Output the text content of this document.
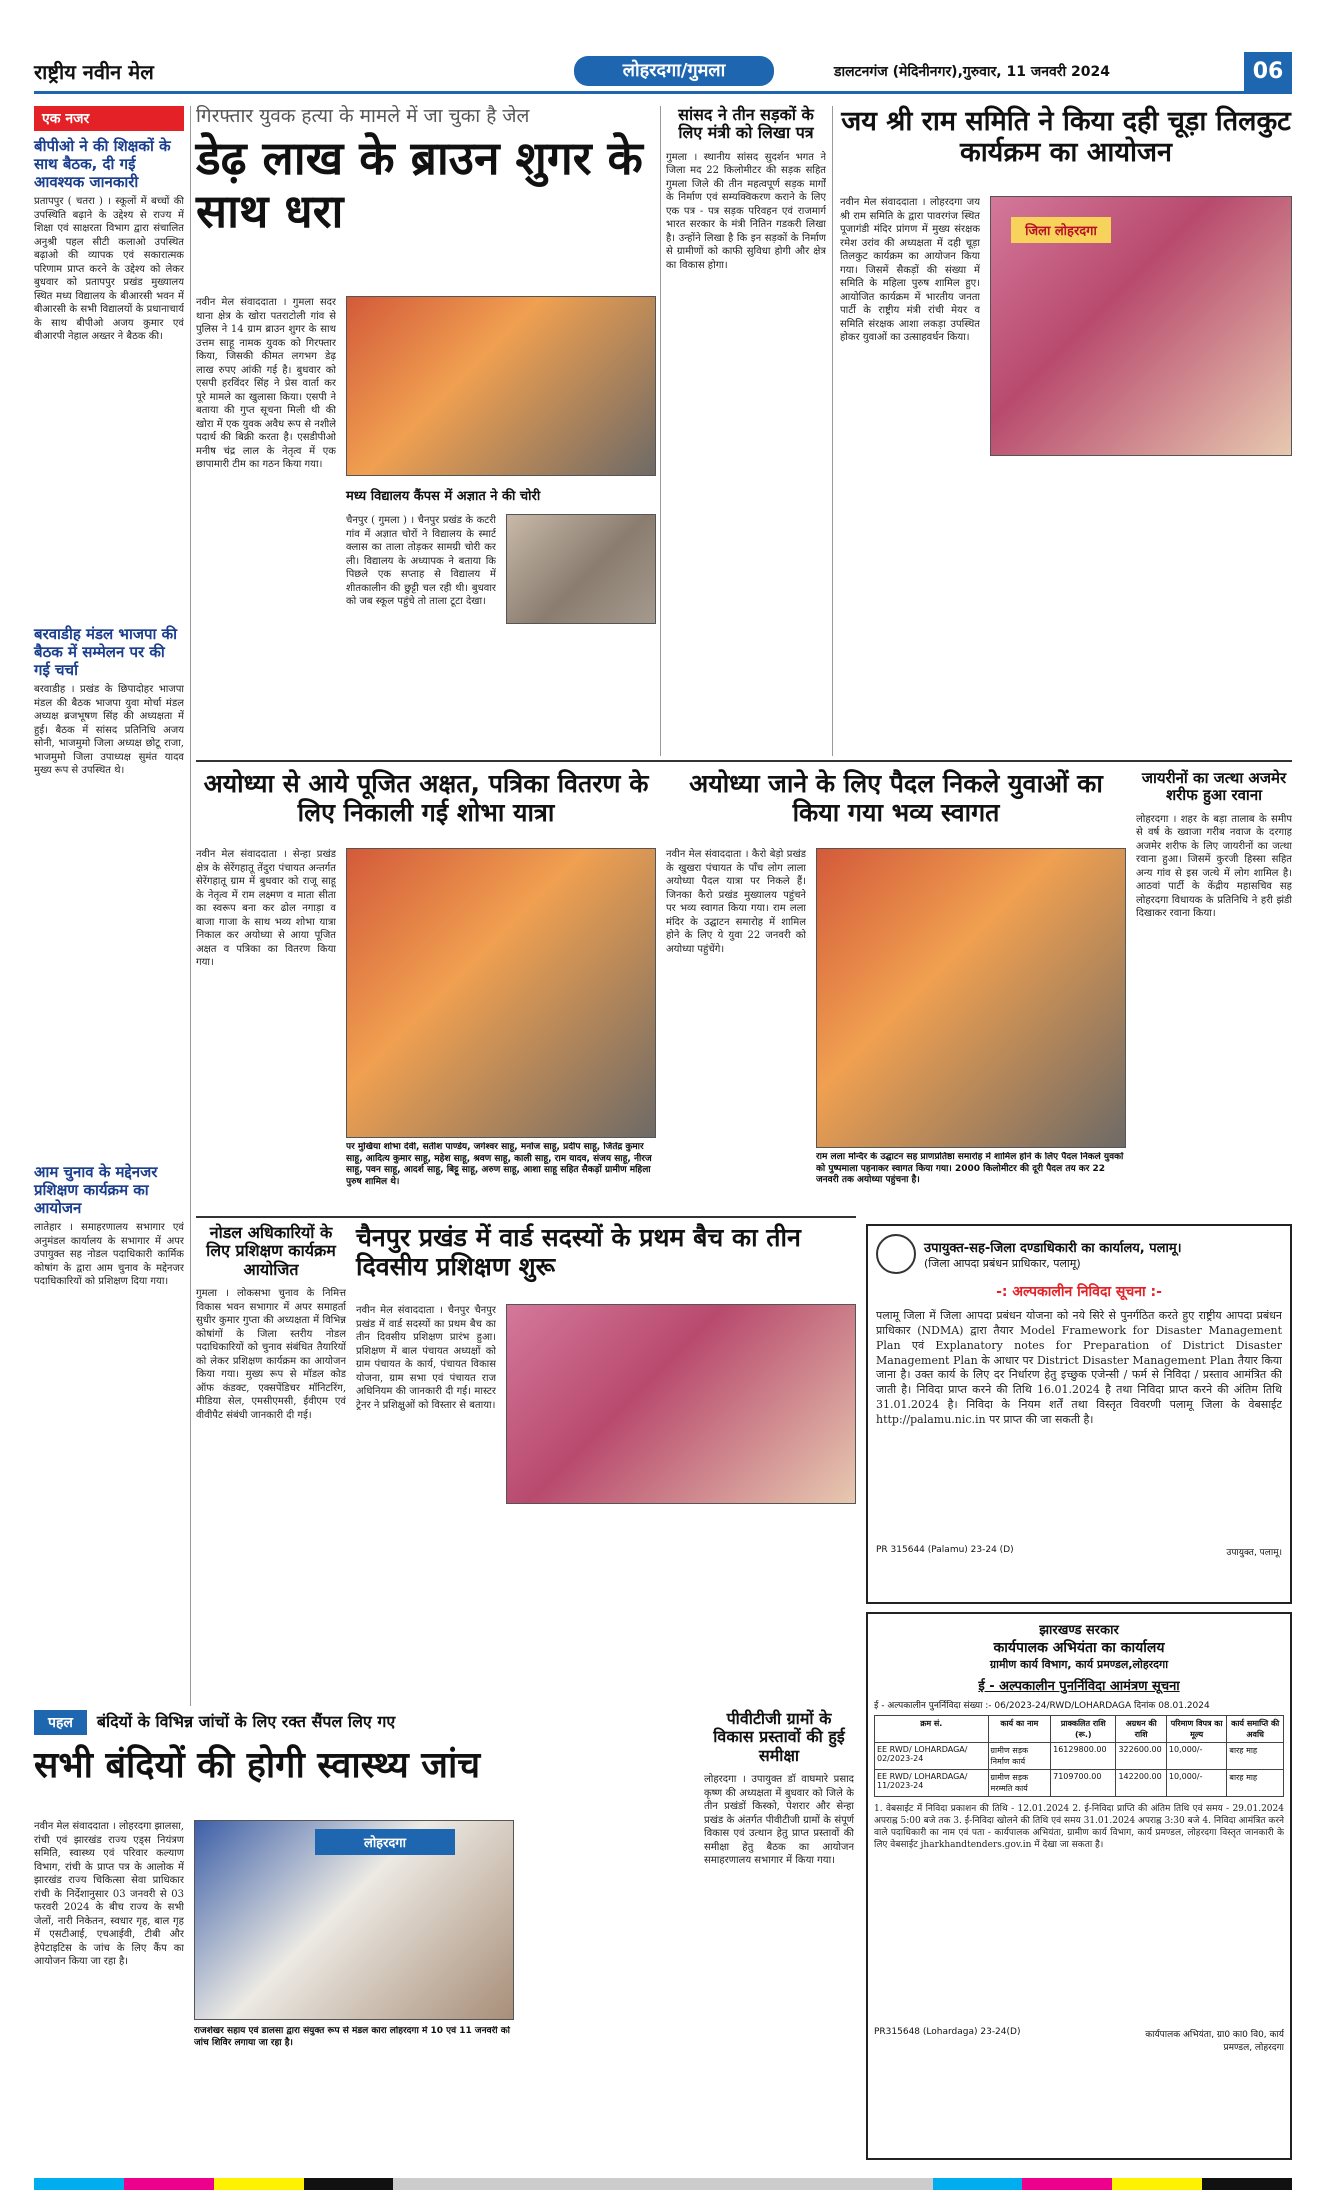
राष्ट्रीय नवीन मेल	लोहरदगा/गुमला	डालटनगंज (मेदिनीनगर),गुरुवार, 11 जनवरी 2024	06
एक नजर
बीपीओ ने की शिक्षकों के साथ बैठक, दी गई आवश्यक जानकारी
प्रतापपुर ( चतरा ) । स्कूलों में बच्चों की उपस्थिति बढ़ाने के उद्देश्य से राज्य में शिक्षा एवं साक्षरता विभाग द्वारा संचालित अनुश्री पहल सीटी कलाओ उपस्थित बढ़ाओ की व्यापक एवं सकारात्मक परिणाम प्राप्त करने के उद्देश्य को लेकर बुधवार को प्रतापपुर प्रखंड मुख्यालय स्थित मध्य विद्यालय के बीआरसी भवन में बीआरसी के सभी विद्यालयों के प्रधानाचार्य के साथ बीपीओ अजय कुमार एवं बीआरपी नेहाल अख्तर ने बैठक की।
बरवाडीह मंडल भाजपा की बैठक में सम्मेलन पर की गई चर्चा
बरवाडीह । प्रखंड के छिपादोहर भाजपा मंडल की बैठक भाजपा युवा मोर्चा मंडल अध्यक्ष ब्रजभूषण सिंह की अध्यक्षता में हुई। बैठक में सांसद प्रतिनिधि अजय सोनी, भाजमुमो जिला अध्यक्ष छोटू राजा, भाजमुमो जिला उपाध्यक्ष सुमंत यादव मुख्य रूप से उपस्थित थे।
आम चुनाव के मद्देनजर प्रशिक्षण कार्यक्रम का आयोजन
लातेहार । समाहरणालय सभागार एवं अनुमंडल कार्यालय के सभागार में अपर उपायुक्त सह नोडल पदाधिकारी कार्मिक कोषांग के द्वारा आम चुनाव के मद्देनजर पदाधिकारियों को प्रशिक्षण दिया गया।
गिरफ्तार युवक हत्या के मामले में जा चुका है जेल
डेढ़ लाख के ब्राउन शुगर के साथ धरा
नवीन मेल संवाददाता । गुमला सदर थाना क्षेत्र के खोरा पतराटोली गांव से पुलिस ने 14 ग्राम ब्राउन शुगर के साथ उत्तम साहू नामक युवक को गिरफ्तार किया, जिसकी कीमत लगभग डेढ़ लाख रुपए आंकी गई है। बुधवार को एसपी हरविंदर सिंह ने प्रेस वार्ता कर पूरे मामले का खुलासा किया। एसपी ने बताया की गुप्त सूचना मिली थी की खोरा में एक युवक अवैध रूप से नशीले पदार्थ की बिक्री करता है। एसडीपीओ मनीष चंद्र लाल के नेतृत्व में एक छापामारी टीम का गठन किया गया।
मध्य विद्यालय कैंपस में अज्ञात ने की चोरी
चैनपुर ( गुमला ) । चैनपुर प्रखंड के कटरी गांव में अज्ञात चोरों ने विद्यालय के स्मार्ट क्लास का ताला तोड़कर सामग्री चोरी कर ली। विद्यालय के अध्यापक ने बताया कि पिछले एक सप्ताह से विद्यालय में शीतकालीन की छुट्टी चल रही थी। बुधवार को जब स्कूल पहुंचे तो ताला टूटा देखा।
सांसद ने तीन सड़कों के लिए मंत्री को लिखा पत्र
गुमला । स्थानीय सांसद सुदर्शन भगत ने जिला मद 22 किलोमीटर की सड़क सहित गुमला जिले की तीन महत्वपूर्ण सड़क मार्गों के निर्माण एवं सम्यक्विकरण कराने के लिए एक पत्र - पत्र सड़क परिवहन एवं राजमार्ग भारत सरकार के मंत्री नितिन गडकरी लिखा है। उन्होंने लिखा है कि इन सड़कों के निर्माण से ग्रामीणों को काफी सुविधा होगी और क्षेत्र का विकास होगा।
जय श्री राम समिति ने किया दही चूड़ा तिलकुट कार्यक्रम का आयोजन
नवीन मेल संवाददाता । लोहरदगा जय श्री राम समिति के द्वारा पावरगंज स्थित पूजागंडी मंदिर प्रांगण में मुख्य संरक्षक रमेश उरांव की अध्यक्षता में दही चूड़ा तिलकुट कार्यक्रम का आयोजन किया गया। जिसमें सैकड़ों की संख्या में समिति के महिला पुरुष शामिल हुए। आयोजित कार्यक्रम में भारतीय जनता पार्टी के राष्ट्रीय मंत्री रांची मेयर व समिति संरक्षक आशा लकड़ा उपस्थित होकर युवाओं का उत्साहवर्धन किया।
जिला लोहरदगा
अयोध्या से आये पूजित अक्षत, पत्रिका वितरण के लिए निकाली गई शोभा यात्रा
नवीन मेल संवाददाता । सेन्हा प्रखंड क्षेत्र के सेरेंगहातू तेंदुरा पंचायत अन्तर्गत सेरेंगहातू ग्राम में बुधवार को राजू साहू के नेतृत्व में राम लक्ष्मण व माता सीता का स्वरूप बना कर ढोल नगाड़ा व बाजा गाजा के साथ भव्य शोभा यात्रा निकाल कर अयोध्या से आया पूजित अक्षत व पत्रिका का वितरण किया गया।
पर मुखिया शोभा देवी, सतीश पाण्डेय, जगेश्वर साहू, मनोज साहू, प्रदीप साहू, जितेंद्र कुमार साहू, आदित्य कुमार साहू, महेश साहू, श्रवण साहू, काली साहू, राम यादव, संजय साहू, नीरज साहू, पवन साहू, आदर्श साहू, बिट्टू साहू, अरुण साहू, आशा साहू सहित सैकड़ों ग्रामीण महिला पुरुष शामिल थे।
अयोध्या जाने के लिए पैदल निकले युवाओं का किया गया भव्य स्वागत
नवीन मेल संवाददाता । कैरो बेड़ो प्रखंड के खुखरा पंचायत के पाँच लोग लाला अयोध्या पैदल यात्रा पर निकले हैं। जिनका कैरो प्रखंड मुख्यालय पहुंचने पर भव्य स्वागत किया गया। राम लला मंदिर के उद्घाटन समारोह में शामिल होने के लिए ये युवा 22 जनवरी को अयोध्या पहुंचेंगे।
राम लला मन्दिर के उद्घाटन सह प्राणप्रतिष्ठा समारोह में शामिल होने के लिए पैदल निकले युवकों को पुष्पमाला पहनाकर स्वागत किया गया। 2000 किलोमीटर की दूरी पैदल तय कर 22 जनवरी तक अयोध्या पहुंचना है।
जायरीनों का जत्था अजमेर शरीफ हुआ रवाना
लोहरदगा । शहर के बड़ा तालाब के समीप से वर्ष के ख्वाजा गरीब नवाज के दरगाह अजमेर शरीफ के लिए जायरीनों का जत्था रवाना हुआ। जिसमें कुरजी हिस्सा सहित अन्य गांव से इस जत्थे में लोग शामिल है। आठवां पार्टी के केंद्रीय महासचिव सह लोहरदगा विधायक के प्रतिनिधि ने हरी झंडी दिखाकर रवाना किया।
नोडल अधिकारियों के लिए प्रशिक्षण कार्यक्रम आयोजित
गुमला । लोकसभा चुनाव के निमित्त विकास भवन सभागार में अपर समाहर्ता सुधीर कुमार गुप्ता की अध्यक्षता में विभिन्न कोषांगों के जिला स्तरीय नोडल पदाधिकारियों को चुनाव संबंधित तैयारियों को लेकर प्रशिक्षण कार्यक्रम का आयोजन किया गया। मुख्य रूप से मॉडल कोड ऑफ कंडक्ट, एक्सपेंडिचर मॉनिटरिंग, मीडिया सेल, एमसीएमसी, ईवीएम एवं वीवीपैट संबंधी जानकारी दी गई।
चैनपुर प्रखंड में वार्ड सदस्यों के प्रथम बैच का तीन दिवसीय प्रशिक्षण शुरू
नवीन मेल संवाददाता । चैनपुर चैनपुर प्रखंड में वार्ड सदस्यों का प्रथम बैच का तीन दिवसीय प्रशिक्षण प्रारंभ हुआ। प्रशिक्षण में बाल पंचायत अध्यक्षों को ग्राम पंचायत के कार्य, पंचायत विकास योजना, ग्राम सभा एवं पंचायत राज अधिनियम की जानकारी दी गई। मास्टर ट्रेनर ने प्रशिक्षुओं को विस्तार से बताया।
उपायुक्त-सह-जिला दण्डाधिकारी का कार्यालय, पलामू।
(जिला आपदा प्रबंधन प्राधिकार, पलामू)
-: अल्पकालीन निविदा सूचना :-
पलामू जिला में जिला आपदा प्रबंधन योजना को नये सिरे से पुनर्गठित करते हुए राष्ट्रीय आपदा प्रबंधन प्राधिकार (NDMA) द्वारा तैयार Model Framework for Disaster Management Plan एवं Explanatory notes for Preparation of District Disaster Management Plan के आधार पर District Disaster Management Plan तैयार किया जाना है। उक्त कार्य के लिए दर निर्धारण हेतु इच्छुक एजेन्सी / फर्म से निविदा / प्रस्ताव आमंत्रित की जाती है। निविदा प्राप्त करने की तिथि 16.01.2024 है तथा निविदा प्राप्त करने की अंतिम तिथि 31.01.2024 है। निविदा के नियम शर्तें तथा विस्तृत विवरणी पलामू जिला के वेबसाईट http://palamu.nic.in पर प्राप्त की जा सकती है।
PR 315644 (Palamu) 23-24 (D)	उपायुक्त, पलामू।
पहल	बंदियों के विभिन्न जांचों के लिए रक्त सैंपल लिए गए
सभी बंदियों की होगी स्वास्थ्य जांच
नवीन मेल संवाददाता । लोहरदगा झालसा, रांची एवं झारखंड राज्य एड्स नियंत्रण समिति, स्वास्थ्य एवं परिवार कल्याण विभाग, रांची के प्राप्त पत्र के आलोक में झारखंड राज्य चिकित्सा सेवा प्राधिकार रांची के निर्देशानुसार 03 जनवरी से 03 फरवरी 2024 के बीच राज्य के सभी जेलों, नारी निकेतन, स्वधार गृह, बाल गृह में एसटीआई, एचआईवी, टीबी और हेपेटाइटिस के जांच के लिए कैंप का आयोजन किया जा रहा है।
लोहरदगा
राजशेखर सहाय एवं डालसा द्वारा संयुक्त रूप से मंडल कारा लोहरदगा में 10 एवं 11 जनवरी को जांच शिविर लगाया जा रहा है।
पीवीटीजी ग्रामों के विकास प्रस्तावों की हुई समीक्षा
लोहरदगा । उपायुक्त डॉ वाघमारे प्रसाद कृष्ण की अध्यक्षता में बुधवार को जिले के तीन प्रखंडों किस्को, पेशरार और सेन्हा प्रखंड के अंतर्गत पीवीटीजी ग्रामों के संपूर्ण विकास एवं उत्थान हेतु प्राप्त प्रस्तावों की समीक्षा हेतु बैठक का आयोजन समाहरणालय सभागार में किया गया।
झारखण्ड सरकार
कार्यपालक अभियंता का कार्यालय
ग्रामीण कार्य विभाग, कार्य प्रमण्डल,लोहरदगा
ई - अल्पकालीन पुनर्निविदा आमंत्रण सूचना
ई - अल्पकालीन पुनर्निविदा संख्या :- 06/2023-24/RWD/LOHARDAGA दिनांक 08.01.2024
क्रम सं.	कार्य का नाम	प्राक्कलित राशि (रू.)	अग्रधन की राशि	परिमाण विपत्र का मूल्य	कार्य समाप्ति की अवधि
EE RWD/ LOHARDAGA/ 02/2023-24	ग्रामीण सड़क निर्माण कार्य	16129800.00	322600.00	10,000/-	बारह माह
EE RWD/ LOHARDAGA/ 11/2023-24	ग्रामीण सड़क मरम्मति कार्य	7109700.00	142200.00	10,000/-	बारह माह
1. वेबसाईट में निविदा प्रकाशन की तिथि - 12.01.2024 2. ई-निविदा प्राप्ति की अंतिम तिथि एवं समय - 29.01.2024 अपराह्न 5:00 बजे तक 3. ई-निविदा खोलने की तिथि एवं समय 31.01.2024 अपराह्न 3:30 बजे 4. निविदा आमंत्रित करने वाले पदाधिकारी का नाम एवं पता - कार्यपालक अभियंता, ग्रामीण कार्य विभाग, कार्य प्रमण्डल, लोहरदगा विस्तृत जानकारी के लिए वेबसाईट jharkhandtenders.gov.in में देखा जा सकता है।
PR315648 (Lohardaga) 23-24(D)	कार्यपालक अभियंता, ग्रा0 का0 वि0, कार्य प्रमण्डल, लोहरदगा
